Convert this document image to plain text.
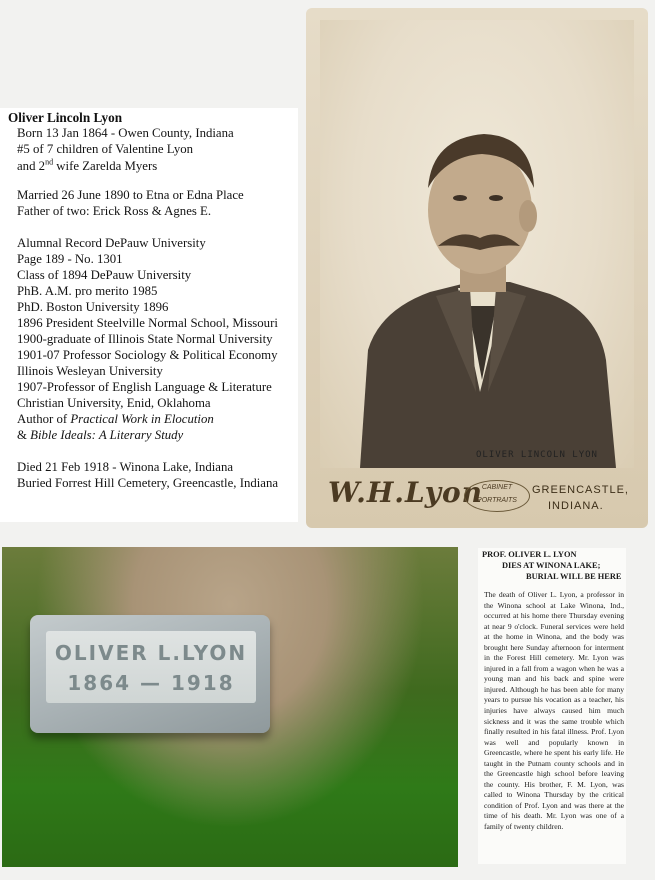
Oliver Lincoln Lyon
Born 13 Jan 1864 - Owen County, Indiana
#5 of 7 children of Valentine Lyon
and 2nd wife Zarelda Myers
Married 26 June 1890 to Etna or Edna Place
Father of two: Erick Ross & Agnes E.
Alumnal Record DePauw University
Page 189 - No. 1301
Class of 1894 DePauw University
PhB. A.M. pro merito 1985
PhD. Boston University 1896
1896 President Steelville Normal School, Missouri
1900-graduate of Illinois State Normal University
1901-07 Professor Sociology & Political Economy
Illinois Wesleyan University
1907-Professor of English Language & Literature
Christian University, Enid, Oklahoma
Author of Practical Work in Elocution
& Bible Ideals: A Literary Study
Died 21 Feb 1918 - Winona Lake, Indiana
Buried Forrest Hill Cemetery, Greencastle, Indiana
OLIVER LINCOLN LYON
W.H.Lyon
CABINET
PORTRAITS
GREENCASTLE,
INDIANA.
OLIVER L.LYON
1864 — 1918
PROF. OLIVER L. LYON
DIES AT WINONA LAKE;
BURIAL WILL BE HERE
The death of Oliver L. Lyon, a professor in the Winona school at Lake Winona, Ind., occurred at his home there Thursday evening at near 9 o'clock. Funeral services were held at the home in Winona, and the body was brought here Sunday afternoon for interment in the Forest Hill cemetery. Mr. Lyon was injured in a fall from a wagon when he was a young man and his back and spine were injured. Although he has been able for many years to pursue his vocation as a teacher, his injuries have always caused him much sickness and it was the same trouble which finally resulted in his fatal illness. Prof. Lyon was well and popularly known in Greencastle, where he spent his early life. He taught in the Putnam county schools and in the Greencastle high school before leaving the county. His brother, F. M. Lyon, was called to Winona Thursday by the critical condition of Prof. Lyon and was there at the time of his death. Mr. Lyon was one of a family of twenty children.
